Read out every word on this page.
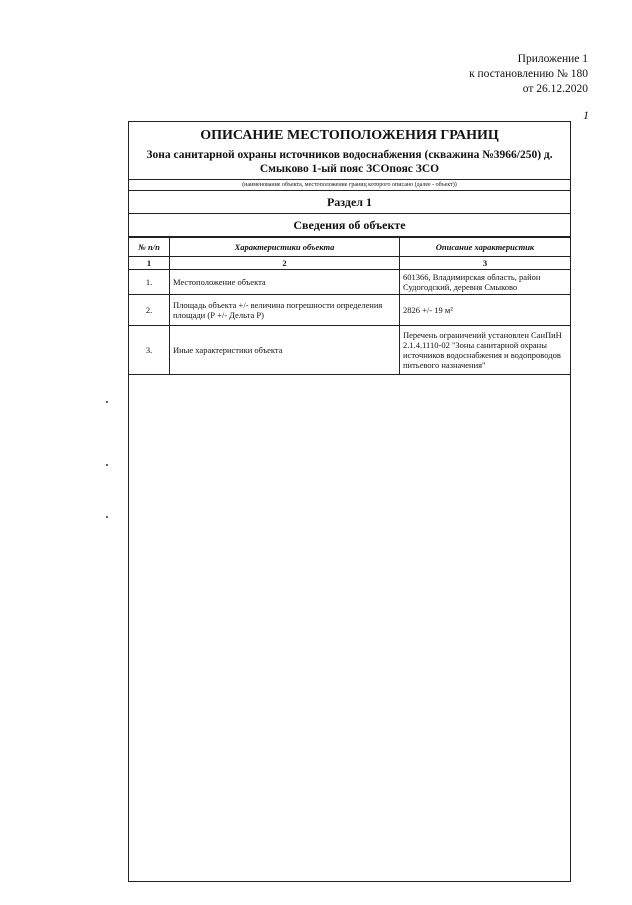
Приложение 1
к постановлению № 180
от 26.12.2020
1
ОПИСАНИЕ МЕСТОПОЛОЖЕНИЯ ГРАНИЦ
Зона санитарной охраны источников водоснабжения (скважина №3966/250) д. Смыково 1-ый пояс ЗСОпояс ЗСО
(наименование объекта, местоположение границ которого описано (далее - объект))
Раздел 1
Сведения об объекте
№ п/п	Характеристики объекта	Описание характеристик
1	2	3
1.	Местоположение объекта	601366, Владимирская область, район Судогодский, деревня Смыково
2.	Площадь объекта +/- величина погрешности определения площади (Р +/- Дельта Р)	2826 +/- 19 м²
3.	Иные характеристики объекта	Перечень ограничений установлен СанПиН 2.1.4.1110-02 "Зоны санитарной охраны источников водоснабжения и водопроводов питьевого назначения"
